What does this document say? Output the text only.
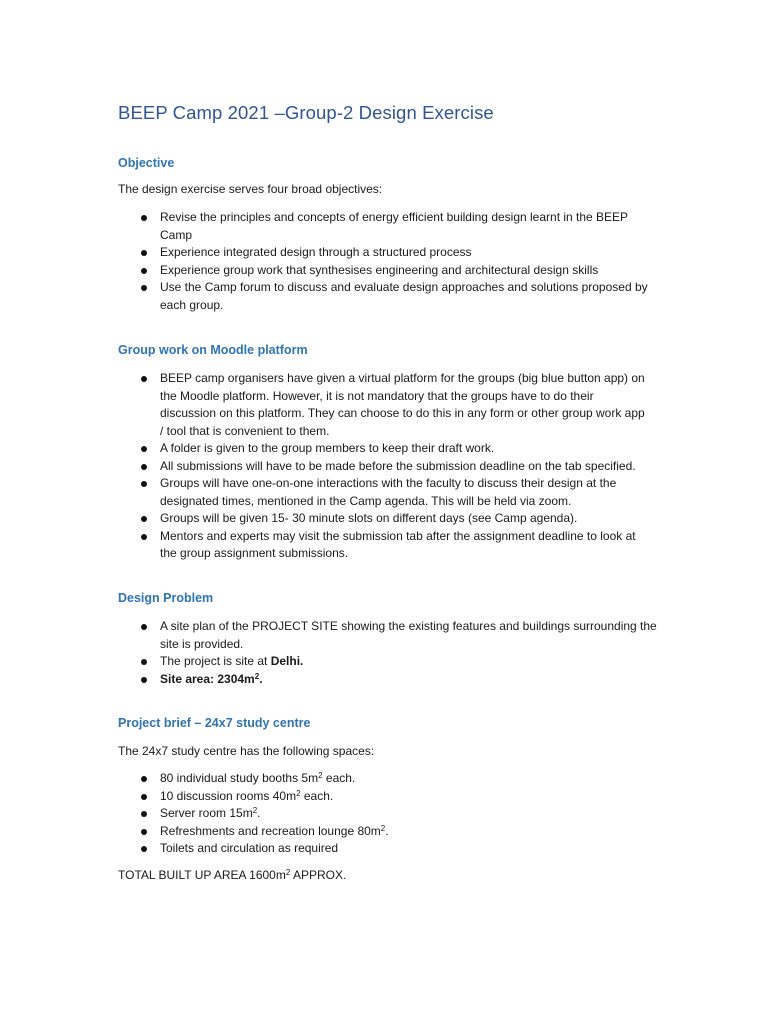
BEEP Camp 2021 –Group-2 Design Exercise
Objective
The design exercise serves four broad objectives:
Revise the principles and concepts of energy efficient building design learnt in the BEEP
Camp
Experience integrated design through a structured process
Experience group work that synthesises engineering and architectural design skills
Use the Camp forum to discuss and evaluate design approaches and solutions proposed by
each group.
Group work on Moodle platform
BEEP camp organisers have given a virtual platform for the groups (big blue button app) on
the Moodle platform. However, it is not mandatory that the groups have to do their
discussion on this platform. They can choose to do this in any form or other group work app
/ tool that is convenient to them.
A folder is given to the group members to keep their draft work.
All submissions will have to be made before the submission deadline on the tab specified.
Groups will have one-on-one interactions with the faculty to discuss their design at the
designated times, mentioned in the Camp agenda. This will be held via zoom.
Groups will be given 15- 30 minute slots on different days (see Camp agenda).
Mentors and experts may visit the submission tab after the assignment deadline to look at
the group assignment submissions.
Design Problem
A site plan of the PROJECT SITE showing the existing features and buildings surrounding the
site is provided.
The project is site at Delhi.
Site area: $2304m^2$.
Project brief – 24x7 study centre
The 24x7 study centre has the following spaces:
80 individual study booths $5m^2$ each.
10 discussion rooms $40m^2$ each.
Server room $15m^2$.
Refreshments and recreation lounge $80m^2$.
Toilets and circulation as required
TOTAL BUILT UP AREA $1600m^2$ APPROX.
